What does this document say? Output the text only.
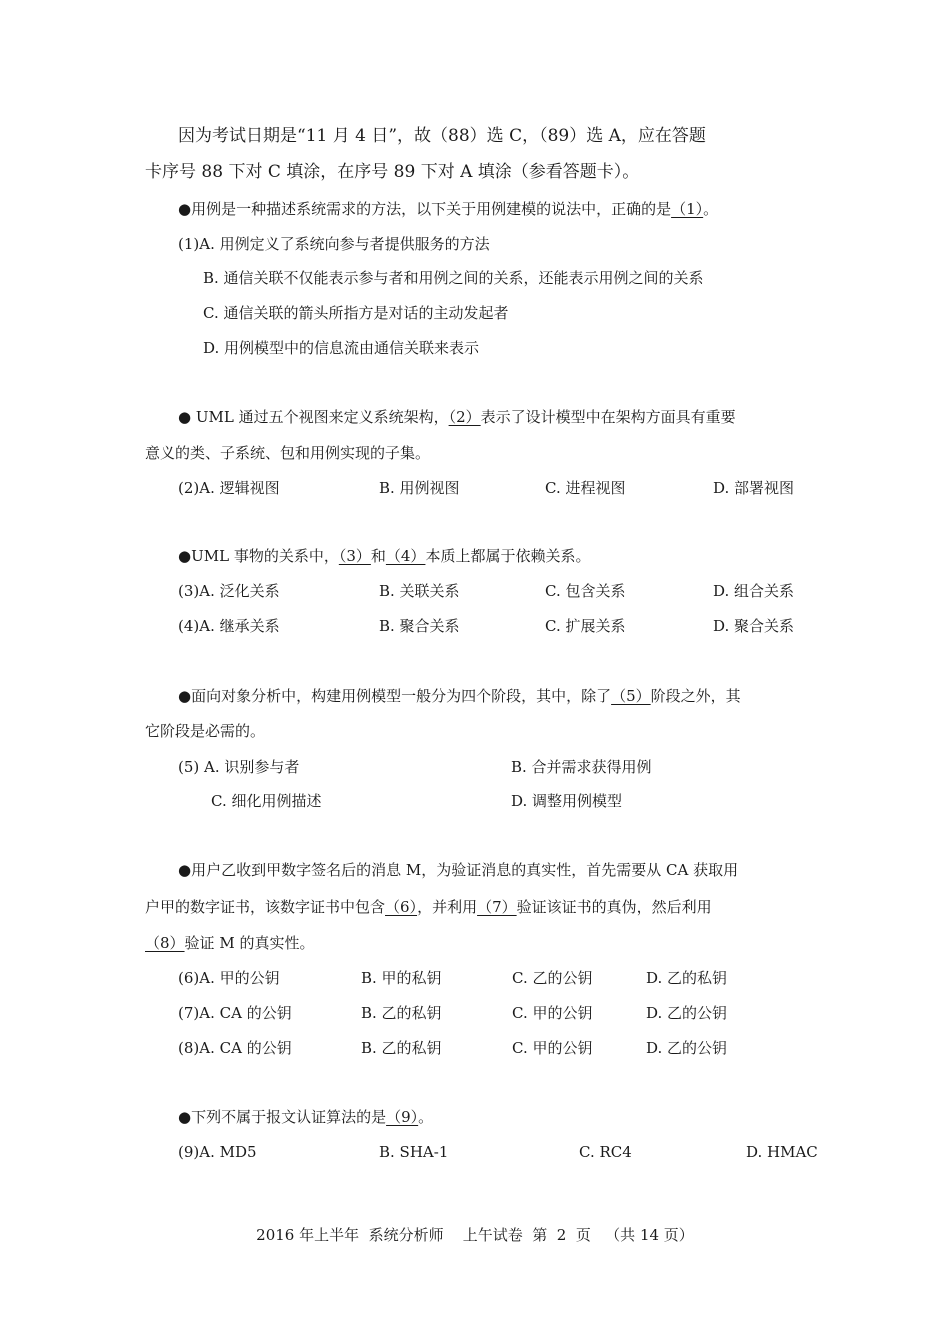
因为考试日期是“11 月 4 日”，故（88）选 C，（89）选 A，应在答题
卡序号 88 下对 C 填涂，在序号 89 下对 A 填涂（参看答题卡）。
●用例是一种描述系统需求的方法，以下关于用例建模的说法中，正确的是（1）。
(1)A. 用例定义了系统向参与者提供服务的方法
B. 通信关联不仅能表示参与者和用例之间的关系，还能表示用例之间的关系
C. 通信关联的箭头所指方是对话的主动发起者
D. 用例模型中的信息流由通信关联来表示
● UML 通过五个视图来定义系统架构，（2）表示了设计模型中在架构方面具有重要
意义的类、子系统、包和用例实现的子集。
(2)A. 逻辑视图	B. 用例视图	C. 进程视图	D. 部署视图
●UML 事物的关系中，（3）和（4）本质上都属于依赖关系。
(3)A. 泛化关系	B. 关联关系	C. 包含关系	D. 组合关系
(4)A. 继承关系	B. 聚合关系	C. 扩展关系	D. 聚合关系
●面向对象分析中，构建用例模型一般分为四个阶段，其中，除了（5）阶段之外，其
它阶段是必需的。
(5) A. 识别参与者	B. 合并需求获得用例
C. 细化用例描述	D. 调整用例模型
●用户乙收到甲数字签名后的消息 M，为验证消息的真实性，首先需要从 CA 获取用
户甲的数字证书，该数字证书中包含（6），并利用（7）验证该证书的真伪，然后利用
（8）验证 M 的真实性。
(6)A. 甲的公钥	B. 甲的私钥	C. 乙的公钥	D. 乙的私钥
(7)A. CA 的公钥	B. 乙的私钥	C. 甲的公钥	D. 乙的公钥
(8)A. CA 的公钥	B. 乙的私钥	C. 甲的公钥	D. 乙的公钥
●下列不属于报文认证算法的是（9）。
(9)A. MD5	B. SHA-1	C. RC4	D. HMAC
2016 年上半年  系统分析师    上午试卷  第  2  页   （共 14 页）
